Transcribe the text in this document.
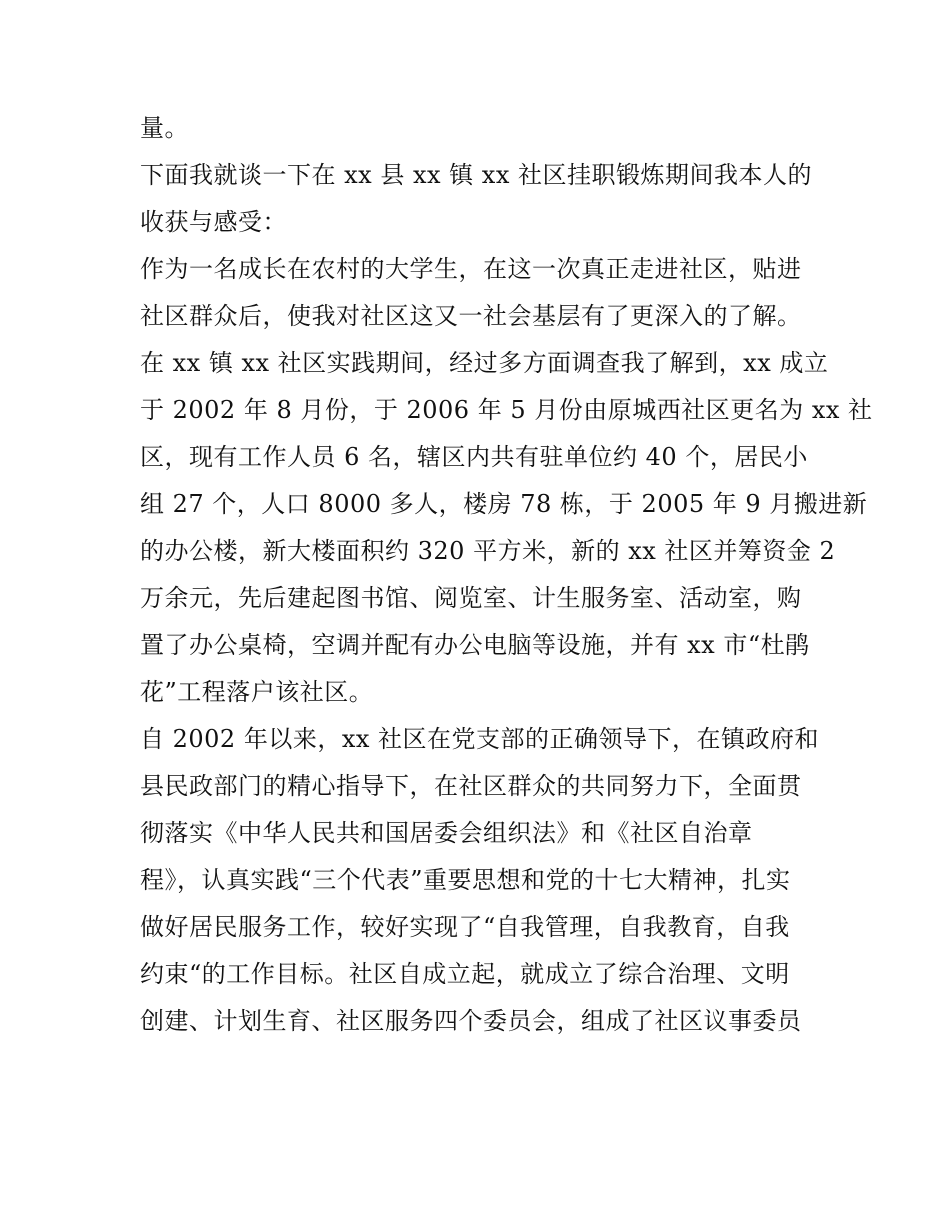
量。
下面我就谈一下在 xx 县 xx 镇 xx 社区挂职锻炼期间我本人的
收获与感受：
作为一名成长在农村的大学生，在这一次真正走进社区，贴进
社区群众后，使我对社区这又一社会基层有了更深入的了解。
在 xx 镇 xx 社区实践期间，经过多方面调查我了解到，xx 成立
于 2002 年 8 月份，于 2006 年 5 月份由原城西社区更名为 xx 社
区，现有工作人员 6 名，辖区内共有驻单位约 40 个，居民小
组 27 个，人口 8000 多人，楼房 78 栋，于 2005 年 9 月搬进新
的办公楼，新大楼面积约 320 平方米，新的 xx 社区并筹资金 2
万余元，先后建起图书馆、阅览室、计生服务室、活动室，购
置了办公桌椅，空调并配有办公电脑等设施，并有 xx 市“杜鹃
花”工程落户该社区。
自 2002 年以来，xx 社区在党支部的正确领导下，在镇政府和
县民政部门的精心指导下，在社区群众的共同努力下，全面贯
彻落实《中华人民共和国居委会组织法》和《社区自治章
程》，认真实践“三个代表”重要思想和党的十七大精神，扎实
做好居民服务工作，较好实现了“自我管理，自我教育，自我
约束“的工作目标。社区自成立起，就成立了综合治理、文明
创建、计划生育、社区服务四个委员会，组成了社区议事委员
